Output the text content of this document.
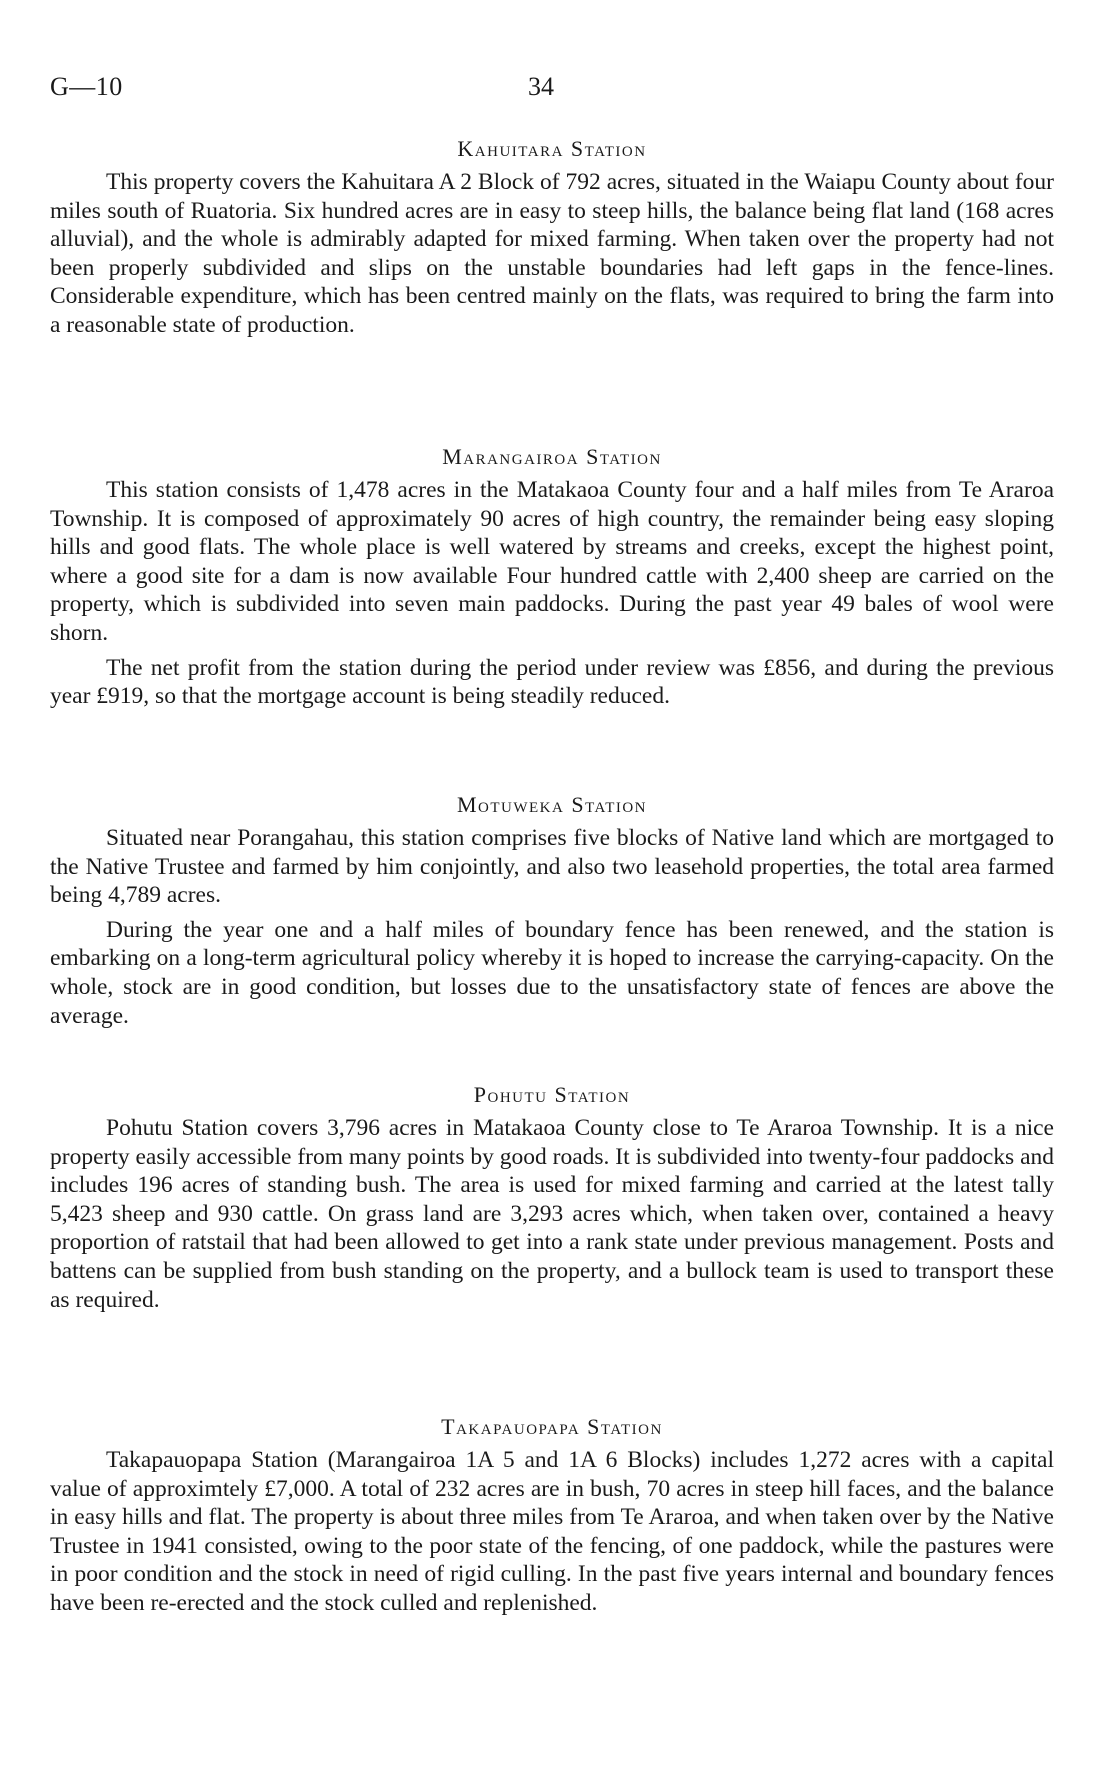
G—10	34
Kahuitara Station

This property covers the Kahuitara A 2 Block of 792 acres, situated in the Waiapu County about four miles south of Ruatoria. Six hundred acres are in easy to steep hills, the balance being flat land (168 acres alluvial), and the whole is admirably adapted for mixed farming. When taken over the property had not been properly subdivided and slips on the unstable boundaries had left gaps in the fence-lines. Considerable expenditure, which has been centred mainly on the flats, was required to bring the farm into a reasonable state of production.

Marangairoa Station

This station consists of 1,478 acres in the Matakaoa County four and a half miles from Te Araroa Township. It is composed of approximately 90 acres of high country, the remainder being easy sloping hills and good flats. The whole place is well watered by streams and creeks, except the highest point, where a good site for a dam is now available Four hundred cattle with 2,400 sheep are carried on the property, which is subdivided into seven main paddocks. During the past year 49 bales of wool were shorn.

The net profit from the station during the period under review was £856, and during the previous year £919, so that the mortgage account is being steadily reduced.

Motuweka Station

Situated near Porangahau, this station comprises five blocks of Native land which are mortgaged to the Native Trustee and farmed by him conjointly, and also two leasehold properties, the total area farmed being 4,789 acres.

During the year one and a half miles of boundary fence has been renewed, and the station is embarking on a long-term agricultural policy whereby it is hoped to increase the carrying-capacity. On the whole, stock are in good condition, but losses due to the unsatisfactory state of fences are above the average.

Pohutu Station

Pohutu Station covers 3,796 acres in Matakaoa County close to Te Araroa Township. It is a nice property easily accessible from many points by good roads. It is subdivided into twenty-four paddocks and includes 196 acres of standing bush. The area is used for mixed farming and carried at the latest tally 5,423 sheep and 930 cattle. On grass land are 3,293 acres which, when taken over, contained a heavy proportion of ratstail that had been allowed to get into a rank state under previous management. Posts and battens can be supplied from bush standing on the property, and a bullock team is used to transport these as required.

Takapauopapa Station

Takapauopapa Station (Marangairoa 1A 5 and 1A 6 Blocks) includes 1,272 acres with a capital value of approximtely £7,000. A total of 232 acres are in bush, 70 acres in steep hill faces, and the balance in easy hills and flat. The property is about three miles from Te Araroa, and when taken over by the Native Trustee in 1941 consisted, owing to the poor state of the fencing, of one paddock, while the pastures were in poor condition and the stock in need of rigid culling. In the past five years internal and boundary fences have been re-erected and the stock culled and replenished.
